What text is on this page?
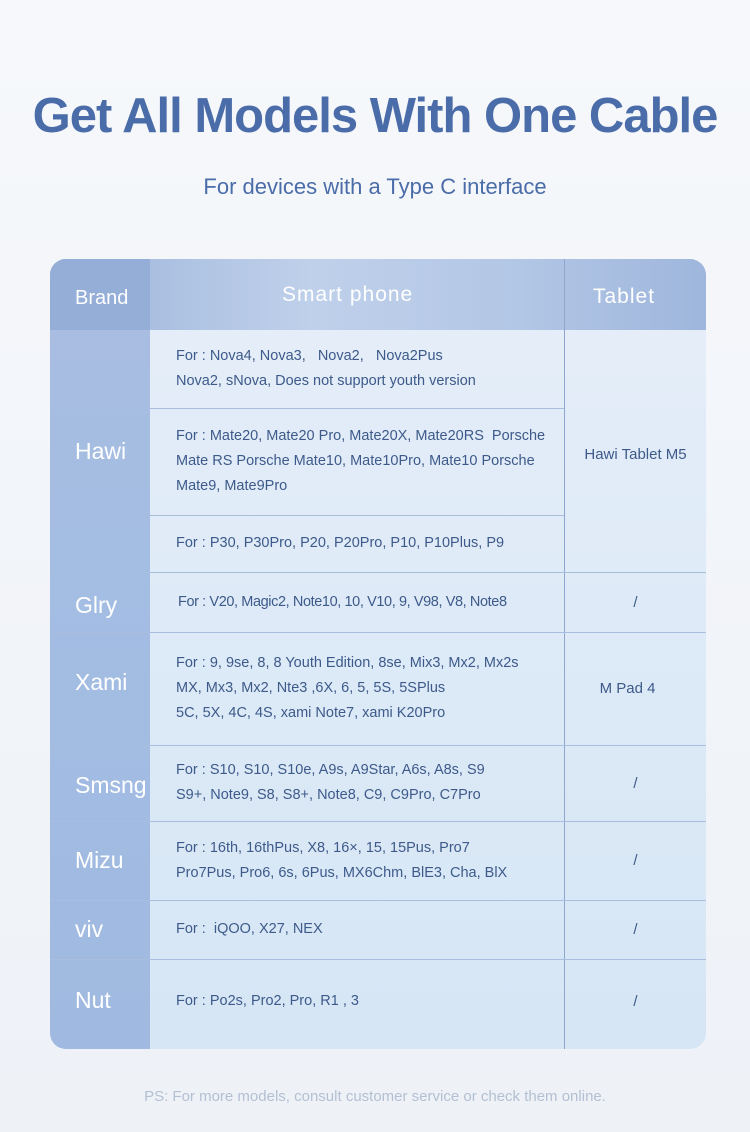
Get All Models With One Cable
For devices with a Type C interface
Brand	Smart phone	Tablet
Hawi
Glry
Xami
Smsng
Mizu
viv
Nut
For : Nova4, Nova3,   Nova2,   Nova2Pus
Nova2, sNova, Does not support youth version
For : Mate20, Mate20 Pro, Mate20X, Mate20RS  Porsche
Mate RS Porsche Mate10, Mate10Pro, Mate10 Porsche
Mate9, Mate9Pro
For : P30, P30Pro, P20, P20Pro, P10, P10Plus, P9
For : V20, Magic2, Note10, 10, V10, 9, V98, V8, Note8
For : 9, 9se, 8, 8 Youth Edition, 8se, Mix3, Mx2, Mx2s
MX, Mx3, Mx2, Nte3 ,6X, 6, 5, 5S, 5SPlus
5C, 5X, 4C, 4S, xami Note7, xami K20Pro
For : S10, S10, S10e, A9s, A9Star, A6s, A8s, S9
S9+, Note9, S8, S8+, Note8, C9, C9Pro, C7Pro
For : 16th, 16thPus, X8, 16×, 15, 15Pus, Pro7
Pro7Pus, Pro6, 6s, 6Pus, MX6Chm, BlE3, Cha, BlX
For :  iQOO, X27, NEX
For : Po2s, Pro2, Pro, R1 , 3
Hawi Tablet M5
/
M Pad 4
/
/
/
/
PS: For more models, consult customer service or check them online.
